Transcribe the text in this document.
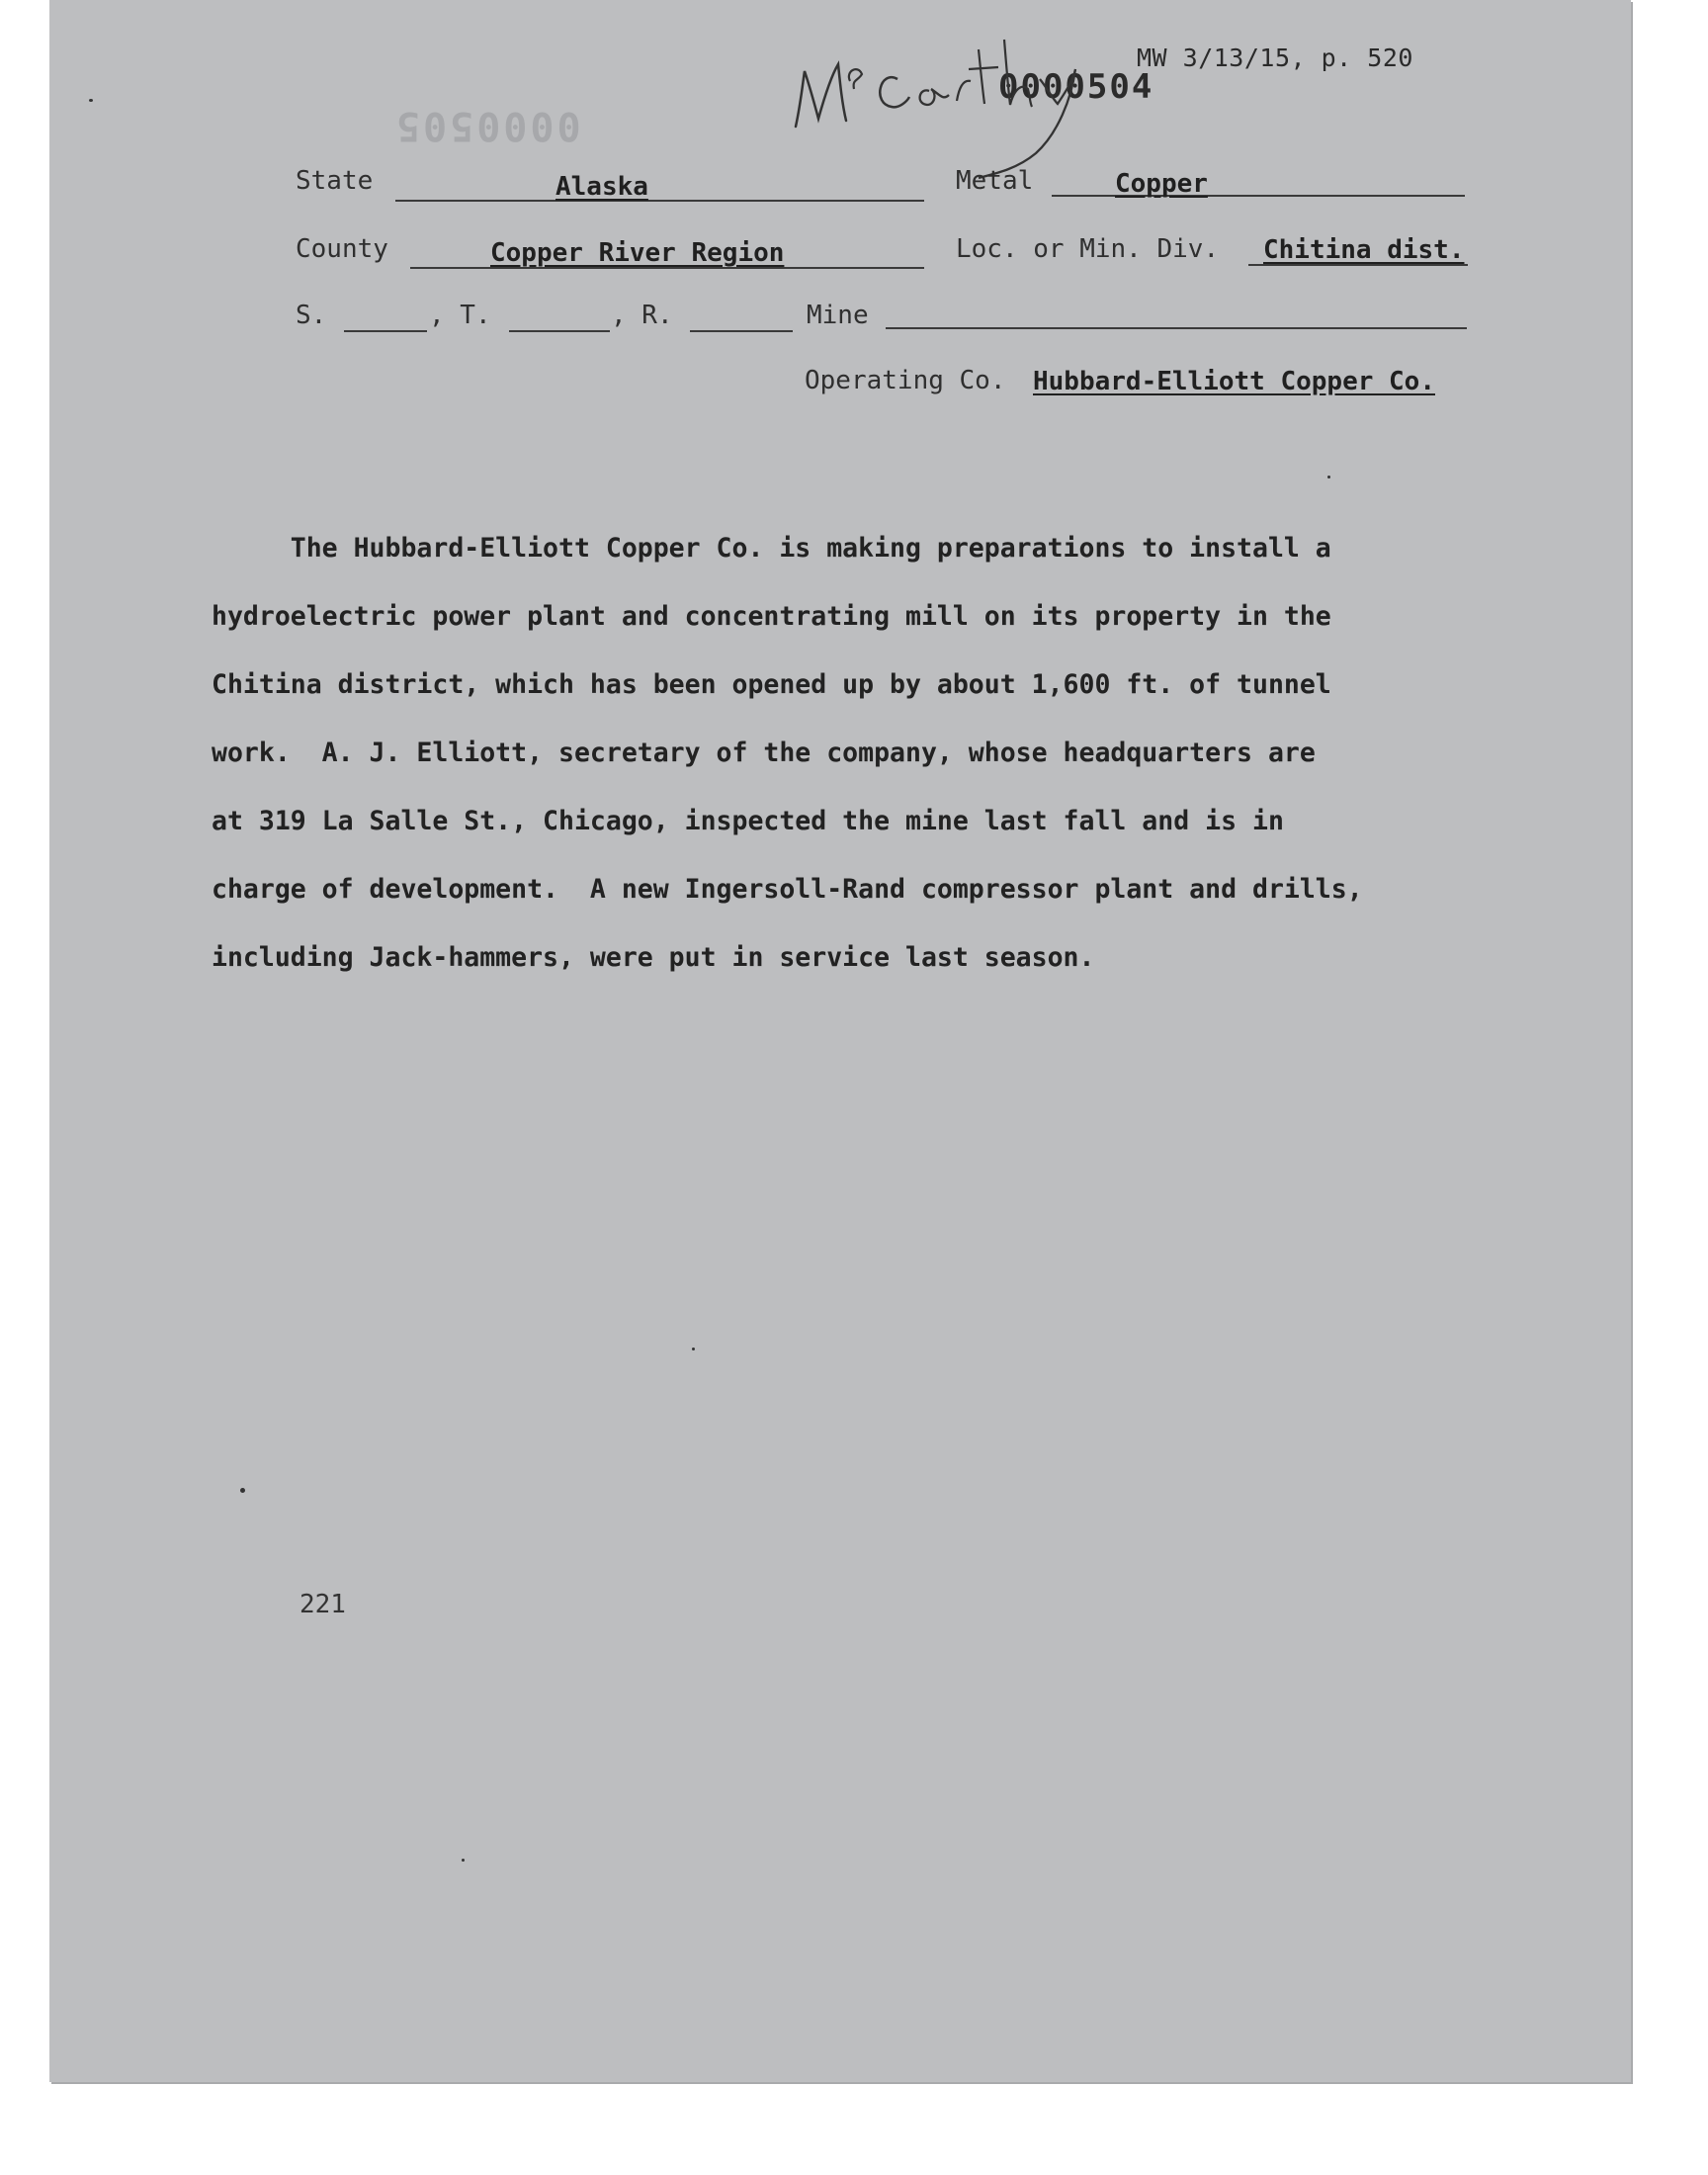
0000505
0000504
MW 3/13/15, p. 520
State	Alaska	Metal	Copper
County	Copper River Region	Loc. or Min. Div. Chitina dist.
S.	, T.	, R.	Mine
Operating Co. Hubbard-Elliott Copper Co.

The Hubbard-Elliott Copper Co. is making preparations to install a

hydroelectric power plant and concentrating mill on its property in the

Chitina district, which has been opened up by about 1,600 ft. of tunnel

work.  A. J. Elliott, secretary of the company, whose headquarters are

at 319 La Salle St., Chicago, inspected the mine last fall and is in

charge of development.  A new Ingersoll-Rand compressor plant and drills,

including Jack-hammers, were put in service last season.

221
